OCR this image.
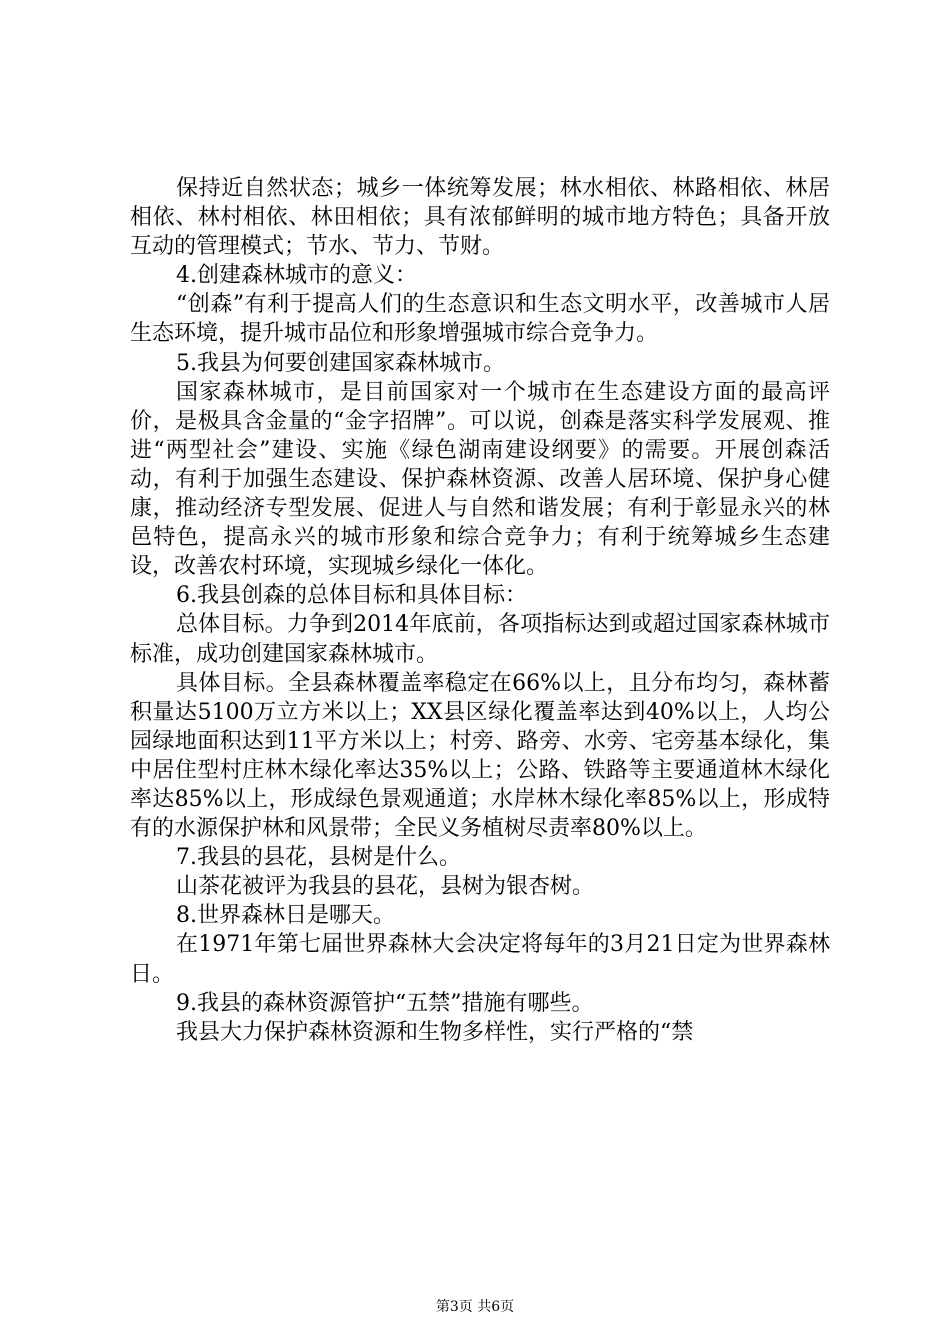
保持近自然状态；城乡一体统筹发展；林水相依、林路相依、林居相依、林村相依、林田相依；具有浓郁鲜明的城市地方特色；具备开放互动的管理模式；节水、节力、节财。

4.创建森林城市的意义：

“创森”有利于提高人们的生态意识和生态文明水平，改善城市人居生态环境，提升城市品位和形象增强城市综合竞争力。

5.我县为何要创建国家森林城市。

国家森林城市，是目前国家对一个城市在生态建设方面的最高评价，是极具含金量的“金字招牌”。可以说，创森是落实科学发展观、推进“两型社会”建设、实施《绿色湖南建设纲要》的需要。开展创森活动，有利于加强生态建设、保护森林资源、改善人居环境、保护身心健康，推动经济专型发展、促进人与自然和谐发展；有利于彰显永兴的林邑特色，提高永兴的城市形象和综合竞争力；有利于统筹城乡生态建设，改善农村环境，实现城乡绿化一体化。

6.我县创森的总体目标和具体目标：

总体目标。力争到2014年底前，各项指标达到或超过国家森林城市标准，成功创建国家森林城市。

具体目标。全县森林覆盖率稳定在66%以上，且分布均匀，森林蓄积量达5100万立方米以上；XX县区绿化覆盖率达到40%以上，人均公园绿地面积达到11平方米以上；村旁、路旁、水旁、宅旁基本绿化，集中居住型村庄林木绿化率达35%以上；公路、铁路等主要通道林木绿化率达85%以上，形成绿色景观通道；水岸林木绿化率85%以上，形成特有的水源保护林和风景带；全民义务植树尽责率80%以上。

7.我县的县花，县树是什么。

山茶花被评为我县的县花，县树为银杏树。

8.世界森林日是哪天。

在1971年第七届世界森林大会决定将每年的3月21日定为世界森林日。

9.我县的森林资源管护“五禁”措施有哪些。

我县大力保护森林资源和生物多样性，实行严格的“禁

第3页 共6页
